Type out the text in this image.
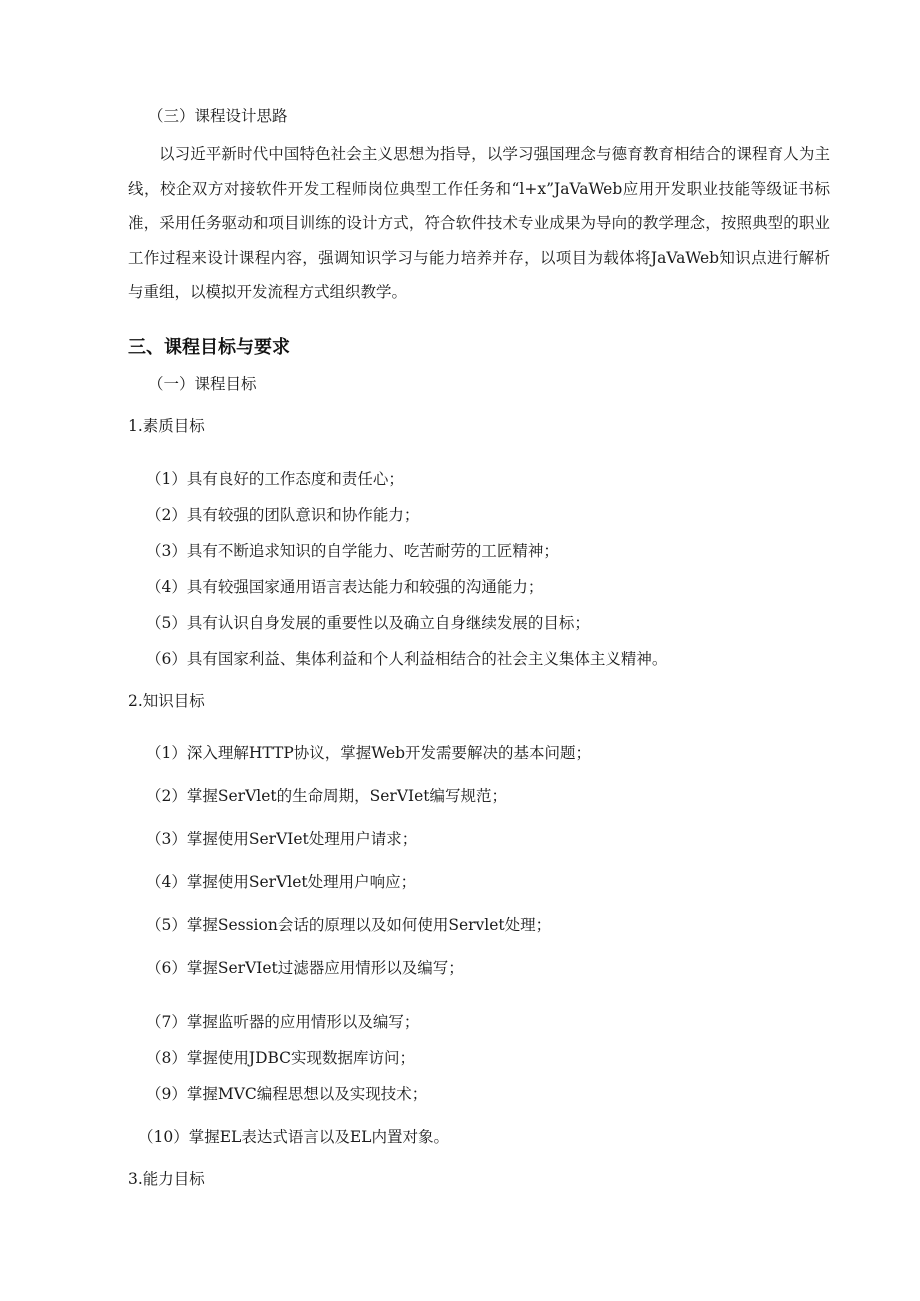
（三）课程设计思路
以习近平新时代中国特色社会主义思想为指导，以学习强国理念与德育教育相结合的课程育人为主线，校企双方对接软件开发工程师岗位典型工作任务和“l+x”JaVaWeb应用开发职业技能等级证书标准，采用任务驱动和项目训练的设计方式，符合软件技术专业成果为导向的教学理念，按照典型的职业工作过程来设计课程内容，强调知识学习与能力培养并存，以项目为载体将JaVaWeb知识点进行解析与重组，以模拟开发流程方式组织教学。
三、课程目标与要求
（一）课程目标
1.素质目标
（1）具有良好的工作态度和责任心；
（2）具有较强的团队意识和协作能力；
（3）具有不断追求知识的自学能力、吃苦耐劳的工匠精神；
（4）具有较强国家通用语言表达能力和较强的沟通能力；
（5）具有认识自身发展的重要性以及确立自身继续发展的目标；
（6）具有国家利益、集体利益和个人利益相结合的社会主义集体主义精神。
2.知识目标
（1）深入理解HTTP协议，掌握Web开发需要解决的基本问题；
（2）掌握SerVlet的生命周期，SerVIet编写规范；
（3）掌握使用SerVIet处理用户请求；
（4）掌握使用SerVlet处理用户响应；
（5）掌握Session会话的原理以及如何使用Servlet处理；
（6）掌握SerVIet过滤器应用情形以及编写；
（7）掌握监听器的应用情形以及编写；
（8）掌握使用JDBC实现数据库访问；
（9）掌握MVC编程思想以及实现技术；
（10）掌握EL表达式语言以及EL内置对象。
3.能力目标
